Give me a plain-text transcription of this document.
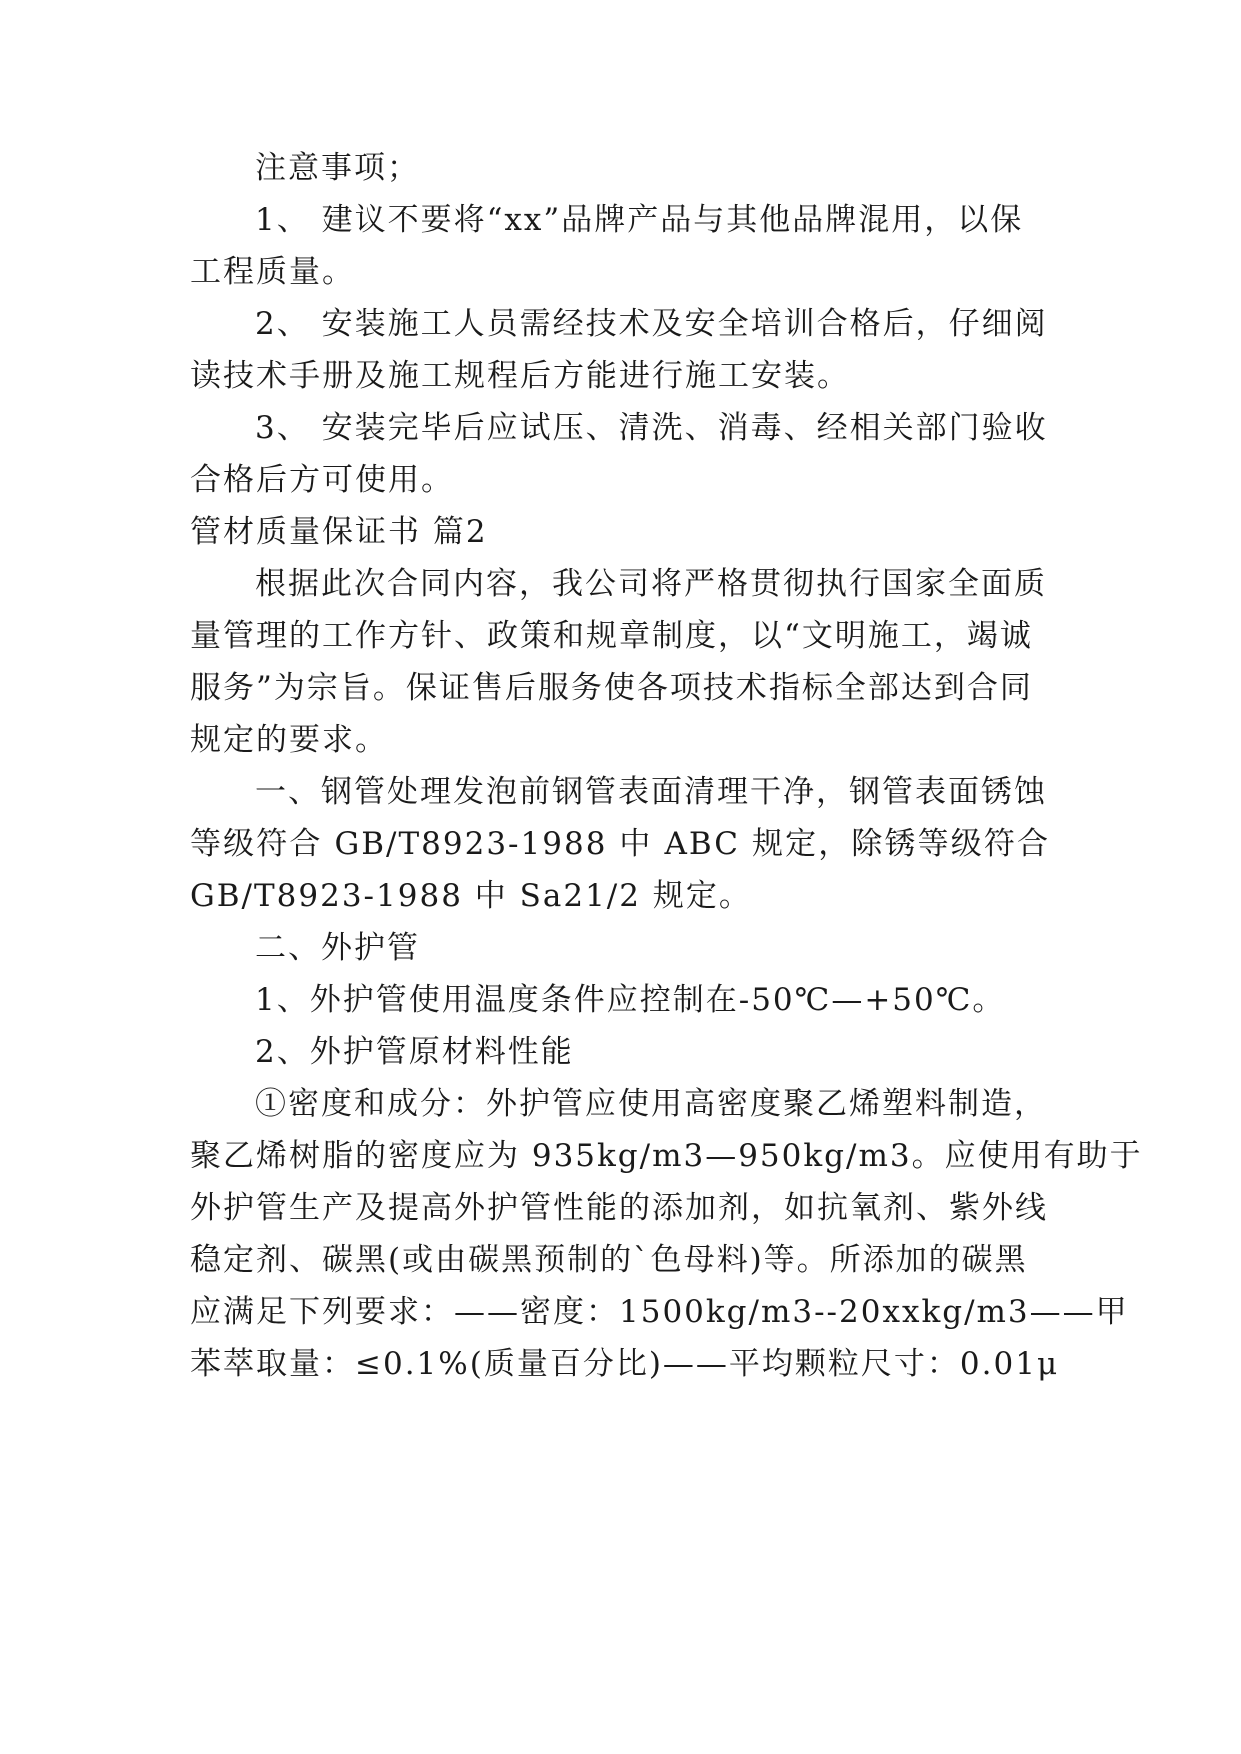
注意事项；
1、 建议不要将“xx”品牌产品与其他品牌混用，以保
工程质量。
2、 安装施工人员需经技术及安全培训合格后，仔细阅
读技术手册及施工规程后方能进行施工安装。
3、 安装完毕后应试压、清洗、消毒、经相关部门验收
合格后方可使用。
管材质量保证书 篇2
根据此次合同内容，我公司将严格贯彻执行国家全面质
量管理的工作方针、政策和规章制度，以“文明施工，竭诚
服务”为宗旨。保证售后服务使各项技术指标全部达到合同
规定的要求。
一、钢管处理发泡前钢管表面清理干净，钢管表面锈蚀
等级符合 GB/T8923-1988 中 ABC 规定，除锈等级符合
GB/T8923-1988 中 Sa21/2 规定。
二、外护管
1、外护管使用温度条件应控制在-50℃—+50℃。
2、外护管原材料性能
①密度和成分：外护管应使用高密度聚乙烯塑料制造，
聚乙烯树脂的密度应为 935kg/m3—950kg/m3。应使用有助于
外护管生产及提高外护管性能的添加剂，如抗氧剂、紫外线
稳定剂、碳黑(或由碳黑预制的`色母料)等。所添加的碳黑
应满足下列要求：——密度：1500kg/m3--20xxkg/m3——甲
苯萃取量：≤0.1%(质量百分比)——平均颗粒尺寸：0.01μ
